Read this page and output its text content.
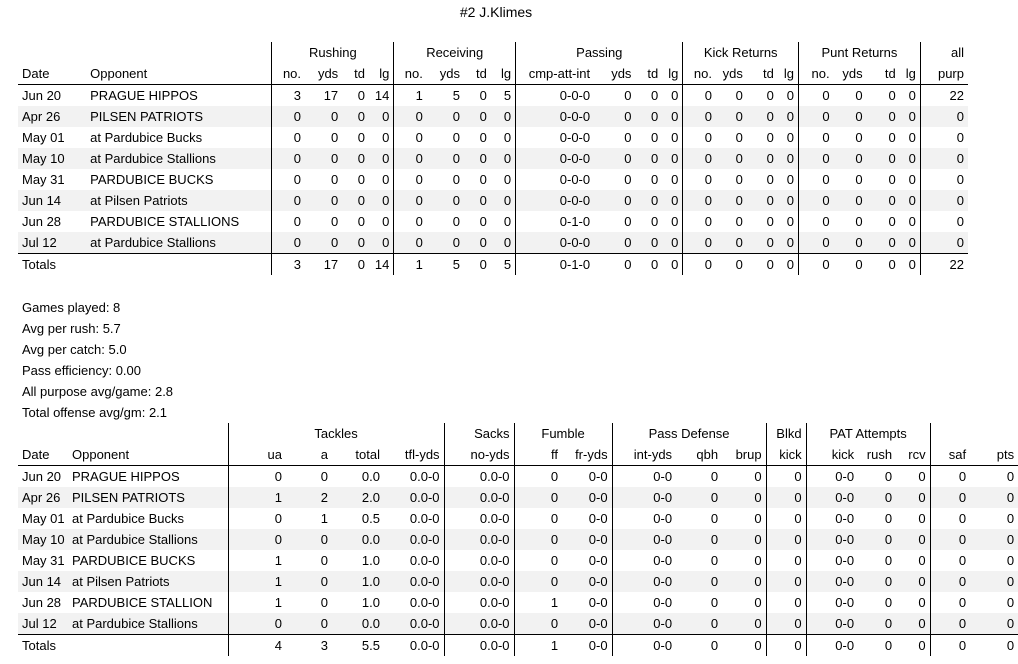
#2 J.Klimes
		Rushing				Receiving				Passing				Kick Returns				Punt Returns				all
Date	Opponent	no.	yds	td	lg	no.	yds	td	lg	cmp-att-int	yds	td	lg	no.	yds	td	lg	no.	yds	td	lg	purp
Jun 20	PRAGUE HIPPOS	3	17	0	14	1	5	0	5	0-0-0	0	0	0	0	0	0	0	0	0	0	0	22
Apr 26	PILSEN PATRIOTS	0	0	0	0	0	0	0	0	0-0-0	0	0	0	0	0	0	0	0	0	0	0	0
May 01	at Pardubice Bucks	0	0	0	0	0	0	0	0	0-0-0	0	0	0	0	0	0	0	0	0	0	0	0
May 10	at Pardubice Stallions	0	0	0	0	0	0	0	0	0-0-0	0	0	0	0	0	0	0	0	0	0	0	0
May 31	PARDUBICE BUCKS	0	0	0	0	0	0	0	0	0-0-0	0	0	0	0	0	0	0	0	0	0	0	0
Jun 14	at Pilsen Patriots	0	0	0	0	0	0	0	0	0-0-0	0	0	0	0	0	0	0	0	0	0	0	0
Jun 28	PARDUBICE STALLIONS	0	0	0	0	0	0	0	0	0-1-0	0	0	0	0	0	0	0	0	0	0	0	0
Jul 12	at Pardubice Stallions	0	0	0	0	0	0	0	0	0-0-0	0	0	0	0	0	0	0	0	0	0	0	0
Totals		3	17	0	14	1	5	0	5	0-1-0	0	0	0	0	0	0	0	0	0	0	0	22
Games played: 8
Avg per rush: 5.7
Avg per catch: 5.0
Pass efficiency: 0.00
All purpose avg/game: 2.8
Total offense avg/gm: 2.1
		Tackles				Sacks	Fumble		Pass Defense			Blkd	PAT Attempts				
Date	Opponent	ua	a	total	tfl-yds	no-yds	ff	fr-yds	int-yds	qbh	brup	kick	kick	rush	rcv	saf	pts
Jun 20	PRAGUE HIPPOS	0	0	0.0	0.0-0	0.0-0	0	0-0	0-0	0	0	0	0-0	0	0	0	0
Apr 26	PILSEN PATRIOTS	1	2	2.0	0.0-0	0.0-0	0	0-0	0-0	0	0	0	0-0	0	0	0	0
May 01	at Pardubice Bucks	0	1	0.5	0.0-0	0.0-0	0	0-0	0-0	0	0	0	0-0	0	0	0	0
May 10	at Pardubice Stallions	0	0	0.0	0.0-0	0.0-0	0	0-0	0-0	0	0	0	0-0	0	0	0	0
May 31	PARDUBICE BUCKS	1	0	1.0	0.0-0	0.0-0	0	0-0	0-0	0	0	0	0-0	0	0	0	0
Jun 14	at Pilsen Patriots	1	0	1.0	0.0-0	0.0-0	0	0-0	0-0	0	0	0	0-0	0	0	0	0
Jun 28	PARDUBICE STALLION	1	0	1.0	0.0-0	0.0-0	1	0-0	0-0	0	0	0	0-0	0	0	0	0
Jul 12	at Pardubice Stallions	0	0	0.0	0.0-0	0.0-0	0	0-0	0-0	0	0	0	0-0	0	0	0	0
Totals		4	3	5.5	0.0-0	0.0-0	1	0-0	0-0	0	0	0	0-0	0	0	0	0
